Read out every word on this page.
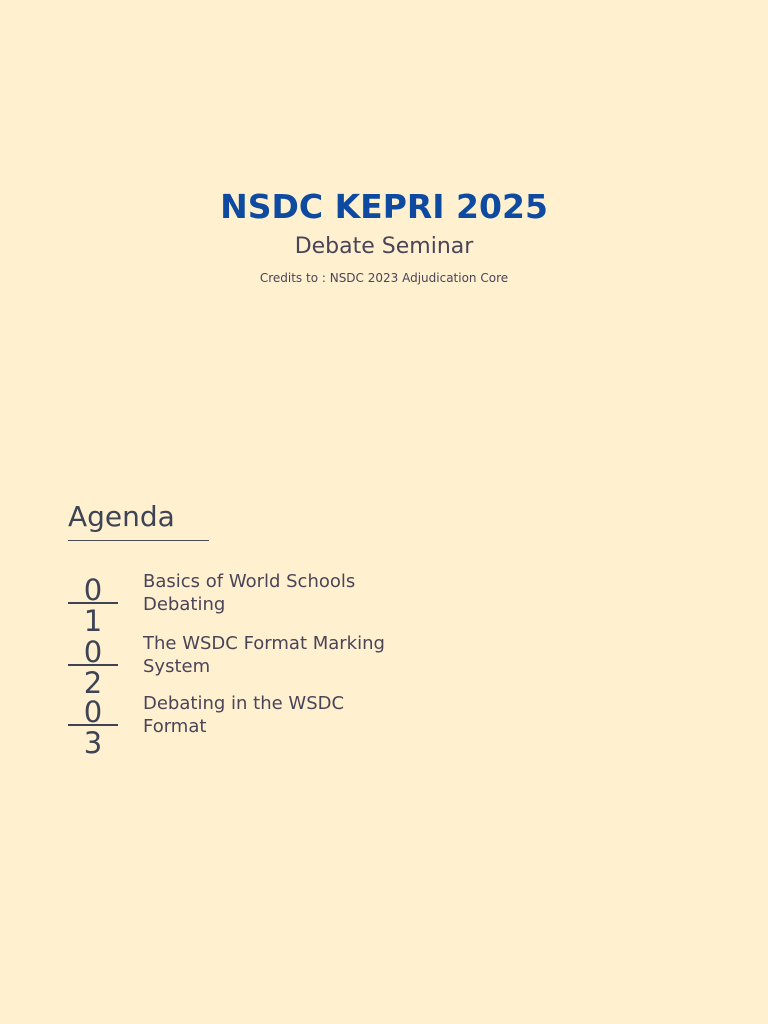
NSDC KEPRI 2025
Debate Seminar
Credits to : NSDC 2023 Adjudication Core
Agenda
0
1
Basics of World Schools Debating
0
2
The WSDC Format Marking System
0
3
Debating in the WSDC Format
